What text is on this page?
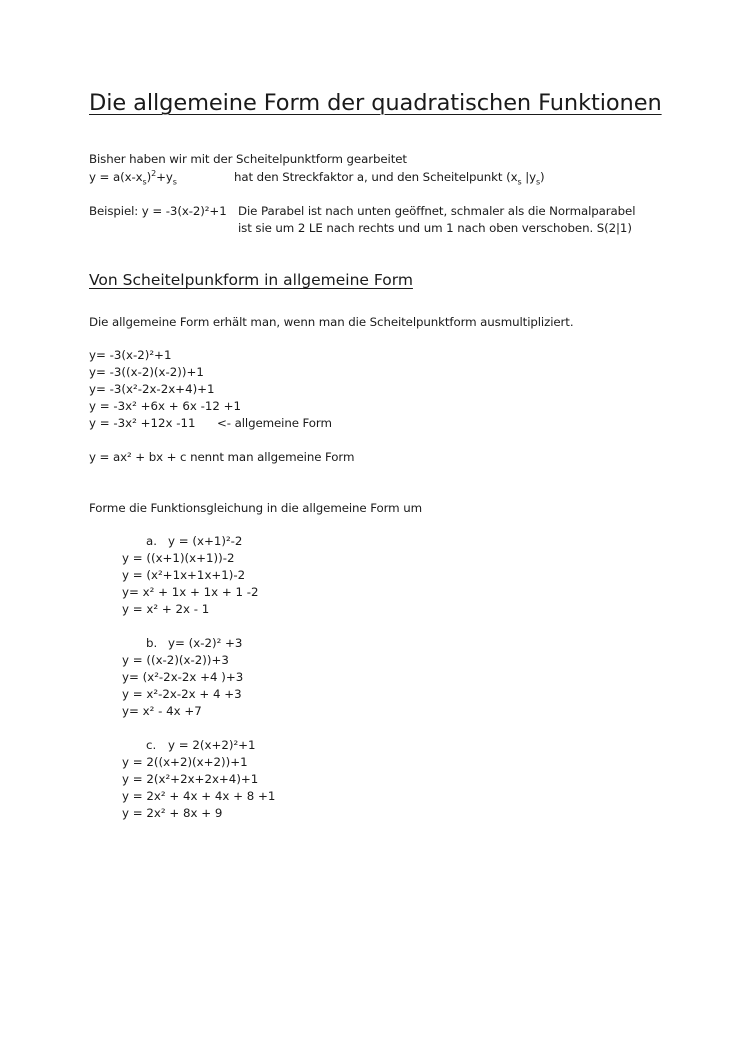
Die allgemeine Form der quadratischen Funktionen
Bisher haben wir mit der Scheitelpunktform gearbeitet
$y = a(x-x_s)^2+y_s$	hat den Streckfaktor a, und den Scheitelpunkt ($x_s$ $|y_s$)
Beispiel: y = -3(x-2)²+1 Die Parabel ist nach unten geöffnet, schmaler als die Normalparabel
ist sie um 2 LE nach rechts und um 1 nach oben verschoben. S(2|1)
Von Scheitelpunkform in allgemeine Form
Die allgemeine Form erhält man, wenn man die Scheitelpunktform ausmultipliziert.
y= -3(x-2)²+1
y= -3((x-2)(x-2))+1
y= -3(x²-2x-2x+4)+1
y = -3x² +6x + 6x -12 +1
y = -3x² +12x -11 <- allgemeine Form
y = ax² + bx + c nennt man allgemeine Form
Forme die Funktionsgleichung in die allgemeine Form um
a. y = (x+1)²-2
y = ((x+1)(x+1))-2
y = (x²+1x+1x+1)-2
y= x² + 1x + 1x + 1 -2
y = x² + 2x - 1
b. y= (x-2)² +3
y = ((x-2)(x-2))+3
y= (x²-2x-2x +4 )+3
y = x²-2x-2x + 4 +3
y= x² - 4x +7
c. y = 2(x+2)²+1
y = 2((x+2)(x+2))+1
y = 2(x²+2x+2x+4)+1
y = 2x² + 4x + 4x + 8 +1
y = 2x² + 8x + 9
